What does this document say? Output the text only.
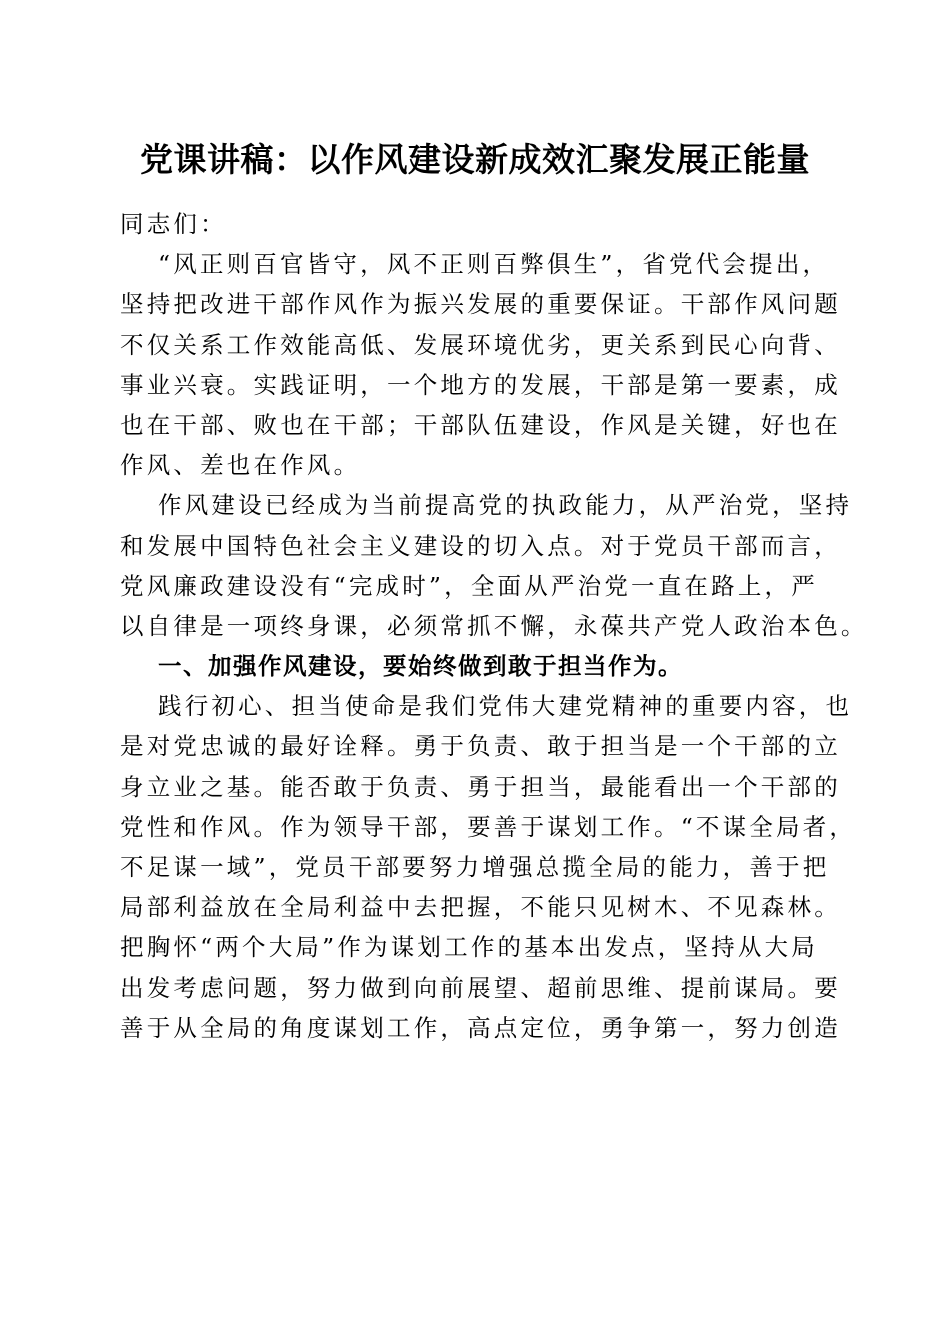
党课讲稿：以作风建设新成效汇聚发展正能量
同志们：
“风正则百官皆守，风不正则百弊俱生”，省党代会提出，
坚持把改进干部作风作为振兴发展的重要保证。干部作风问题
不仅关系工作效能高低、发展环境优劣，更关系到民心向背、
事业兴衰。实践证明，一个地方的发展，干部是第一要素，成
也在干部、败也在干部；干部队伍建设，作风是关键，好也在
作风、差也在作风。
作风建设已经成为当前提高党的执政能力，从严治党，坚持
和发展中国特色社会主义建设的切入点。对于党员干部而言，
党风廉政建设没有“完成时”，全面从严治党一直在路上，严
以自律是一项终身课，必须常抓不懈，永葆共产党人政治本色。
一、加强作风建设，要始终做到敢于担当作为。
践行初心、担当使命是我们党伟大建党精神的重要内容，也
是对党忠诚的最好诠释。勇于负责、敢于担当是一个干部的立
身立业之基。能否敢于负责、勇于担当，最能看出一个干部的
党性和作风。作为领导干部，要善于谋划工作。“不谋全局者，
不足谋一域”，党员干部要努力增强总揽全局的能力，善于把
局部利益放在全局利益中去把握，不能只见树木、不见森林。
把胸怀“两个大局”作为谋划工作的基本出发点，坚持从大局
出发考虑问题，努力做到向前展望、超前思维、提前谋局。要
善于从全局的角度谋划工作，高点定位，勇争第一，努力创造
